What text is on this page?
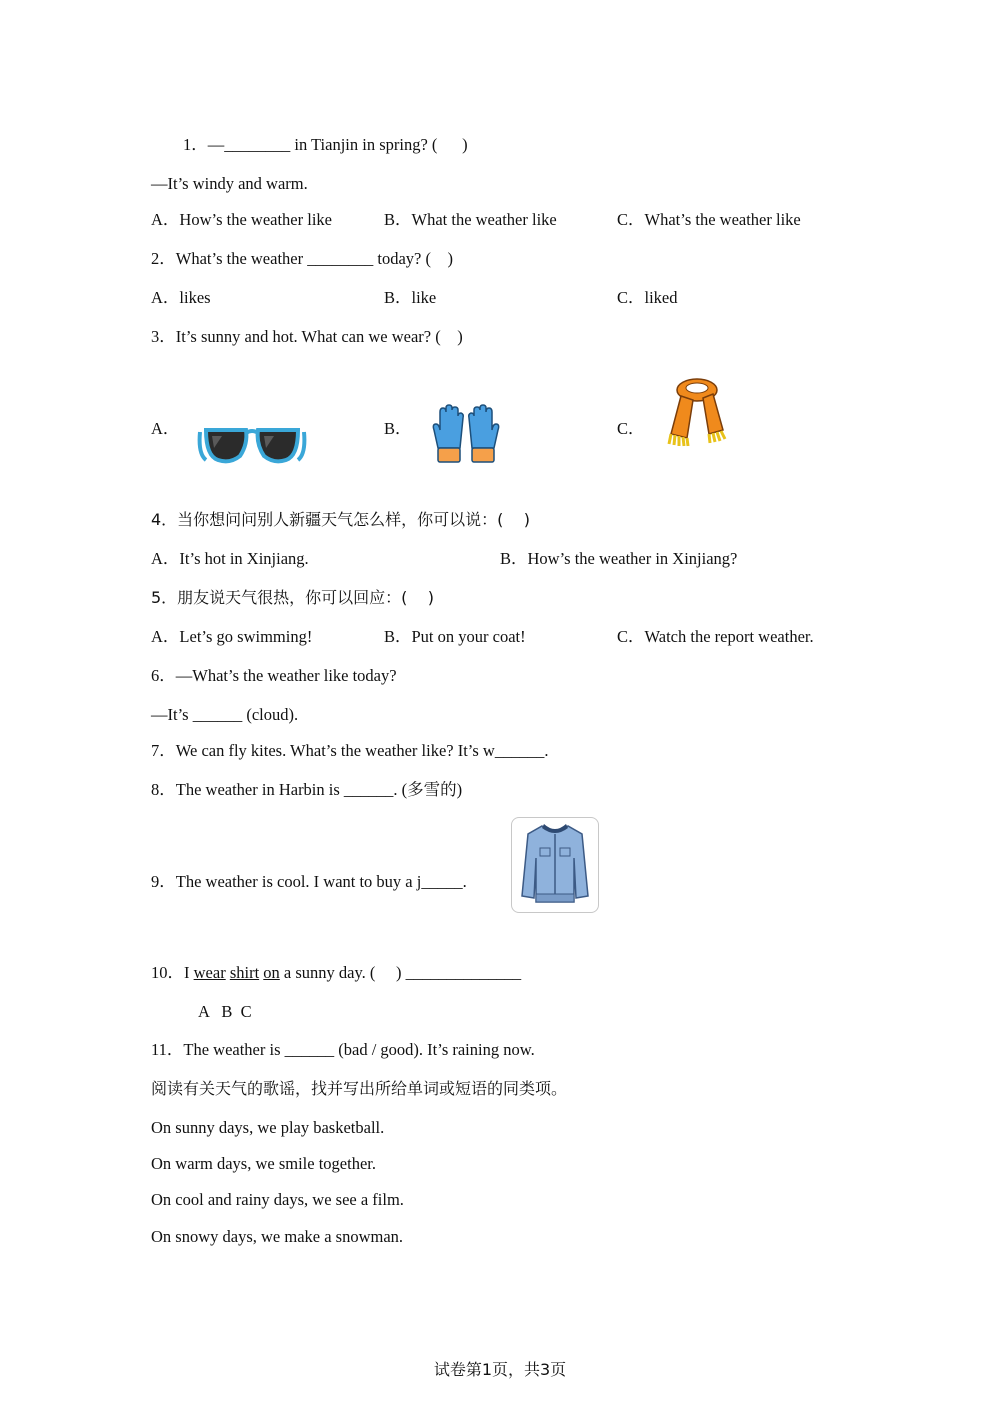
1．—________ in Tianjin in spring? (      )
—It’s windy and warm.
A．How’s the weather like	B．What the weather like	C．What’s the weather like
2．What’s the weather ________ today? (    )
A．likes	B．like	C．liked
3．It’s sunny and hot. What can we wear? (    )
A．	B．	C．
4．当你想问问别人新疆天气怎么样，你可以说：(    )
A．It’s hot in Xinjiang.	B．How’s the weather in Xinjiang?
5．朋友说天气很热，你可以回应：(    )
A．Let’s go swimming!	B．Put on your coat!	C．Watch the report weather.
6．—What’s the weather like today?
—It’s ______ (cloud).
7．We can fly kites. What’s the weather like? It’s w______.
8．The weather in Harbin is ______. (多雪的)
9．The weather is cool. I want to buy a j_____.
10．I wear shirt on a sunny day. (     ) ______________
A   B  C
11．The weather is ______ (bad / good). It’s raining now.
阅读有关天气的歌谣，找并写出所给单词或短语的同类项。
On sunny days, we play basketball.
On warm days, we smile together.
On cool and rainy days, we see a film.
On snowy days, we make a snowman.
试卷第1页，共3页
